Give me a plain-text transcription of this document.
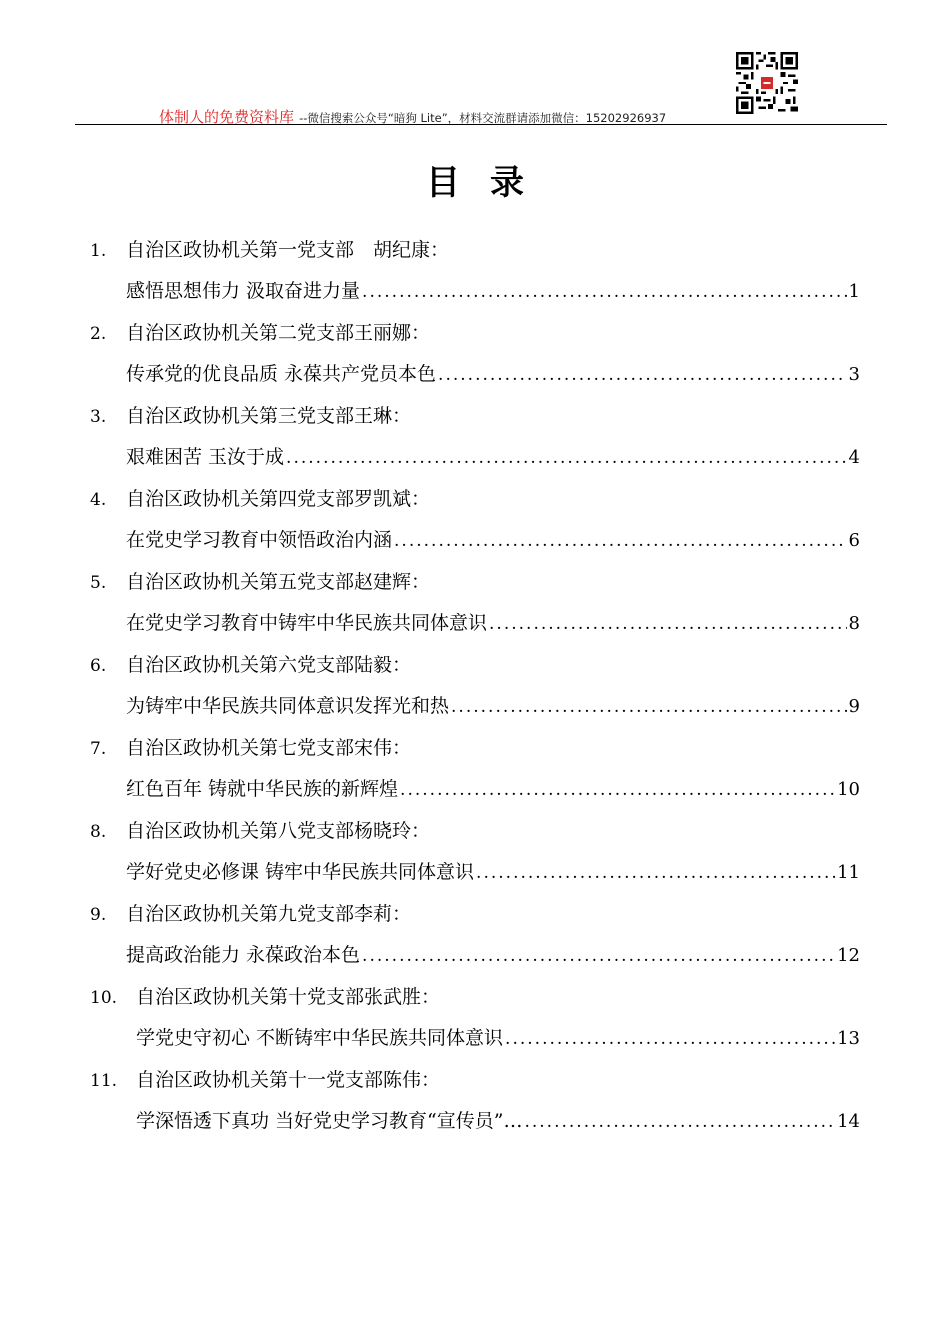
体制人的免费资料库 --微信搜索公众号“暗狗 Lite”，材料交流群请添加微信：15202926937
目录
1. 自治区政协机关第一党支部　胡纪康：
感悟思想伟力 汲取奋进力量 .....	1
2. 自治区政协机关第二党支部王丽娜：
传承党的优良品质 永葆共产党员本色 .....	3
3. 自治区政协机关第三党支部王琳：
艰难困苦 玉汝于成 .....	4
4. 自治区政协机关第四党支部罗凯斌：
在党史学习教育中领悟政治内涵 .....	6
5. 自治区政协机关第五党支部赵建辉：
在党史学习教育中铸牢中华民族共同体意识 .....	8
6. 自治区政协机关第六党支部陆毅：
为铸牢中华民族共同体意识发挥光和热 .....	9
7. 自治区政协机关第七党支部宋伟：
红色百年 铸就中华民族的新辉煌 .....	10
8. 自治区政协机关第八党支部杨晓玲：
学好党史必修课 铸牢中华民族共同体意识 .....	11
9. 自治区政协机关第九党支部李莉：
提高政治能力 永葆政治本色 .....	12
10. 自治区政协机关第十党支部张武胜：
学党史守初心 不断铸牢中华民族共同体意识 .....	13
11. 自治区政协机关第十一党支部陈伟：
学深悟透下真功 当好党史学习教育“宣传员”… .....	14
